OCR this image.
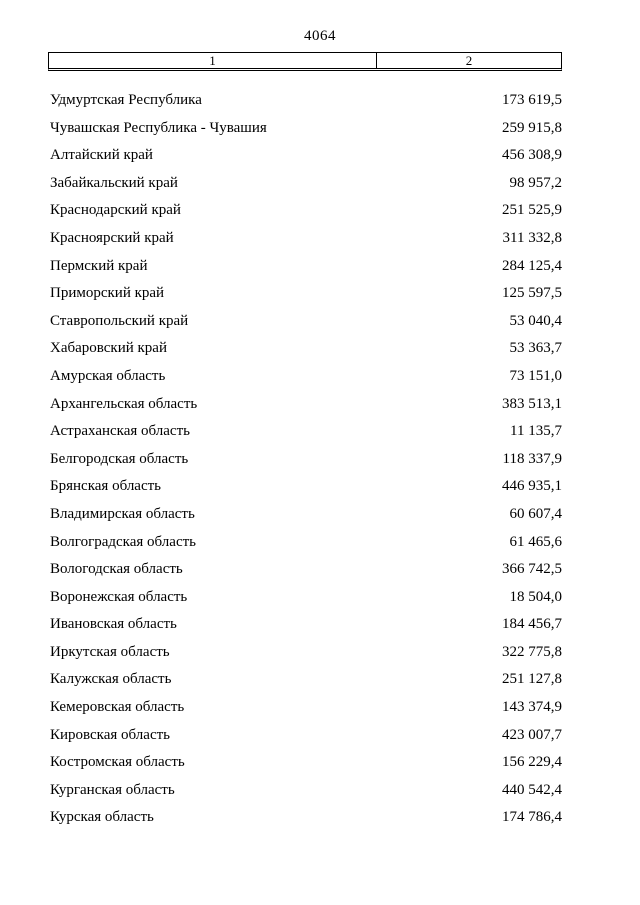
4064
1	2
Удмуртская Республика	173 619,5
Чувашская Республика - Чувашия	259 915,8
Алтайский край	456 308,9
Забайкальский край	98 957,2
Краснодарский край	251 525,9
Красноярский край	311 332,8
Пермский край	284 125,4
Приморский край	125 597,5
Ставропольский край	53 040,4
Хабаровский край	53 363,7
Амурская область	73 151,0
Архангельская область	383 513,1
Астраханская область	11 135,7
Белгородская область	118 337,9
Брянская область	446 935,1
Владимирская область	60 607,4
Волгоградская область	61 465,6
Вологодская область	366 742,5
Воронежская область	18 504,0
Ивановская область	184 456,7
Иркутская область	322 775,8
Калужская область	251 127,8
Кемеровская область	143 374,9
Кировская область	423 007,7
Костромская область	156 229,4
Курганская область	440 542,4
Курская область	174 786,4
